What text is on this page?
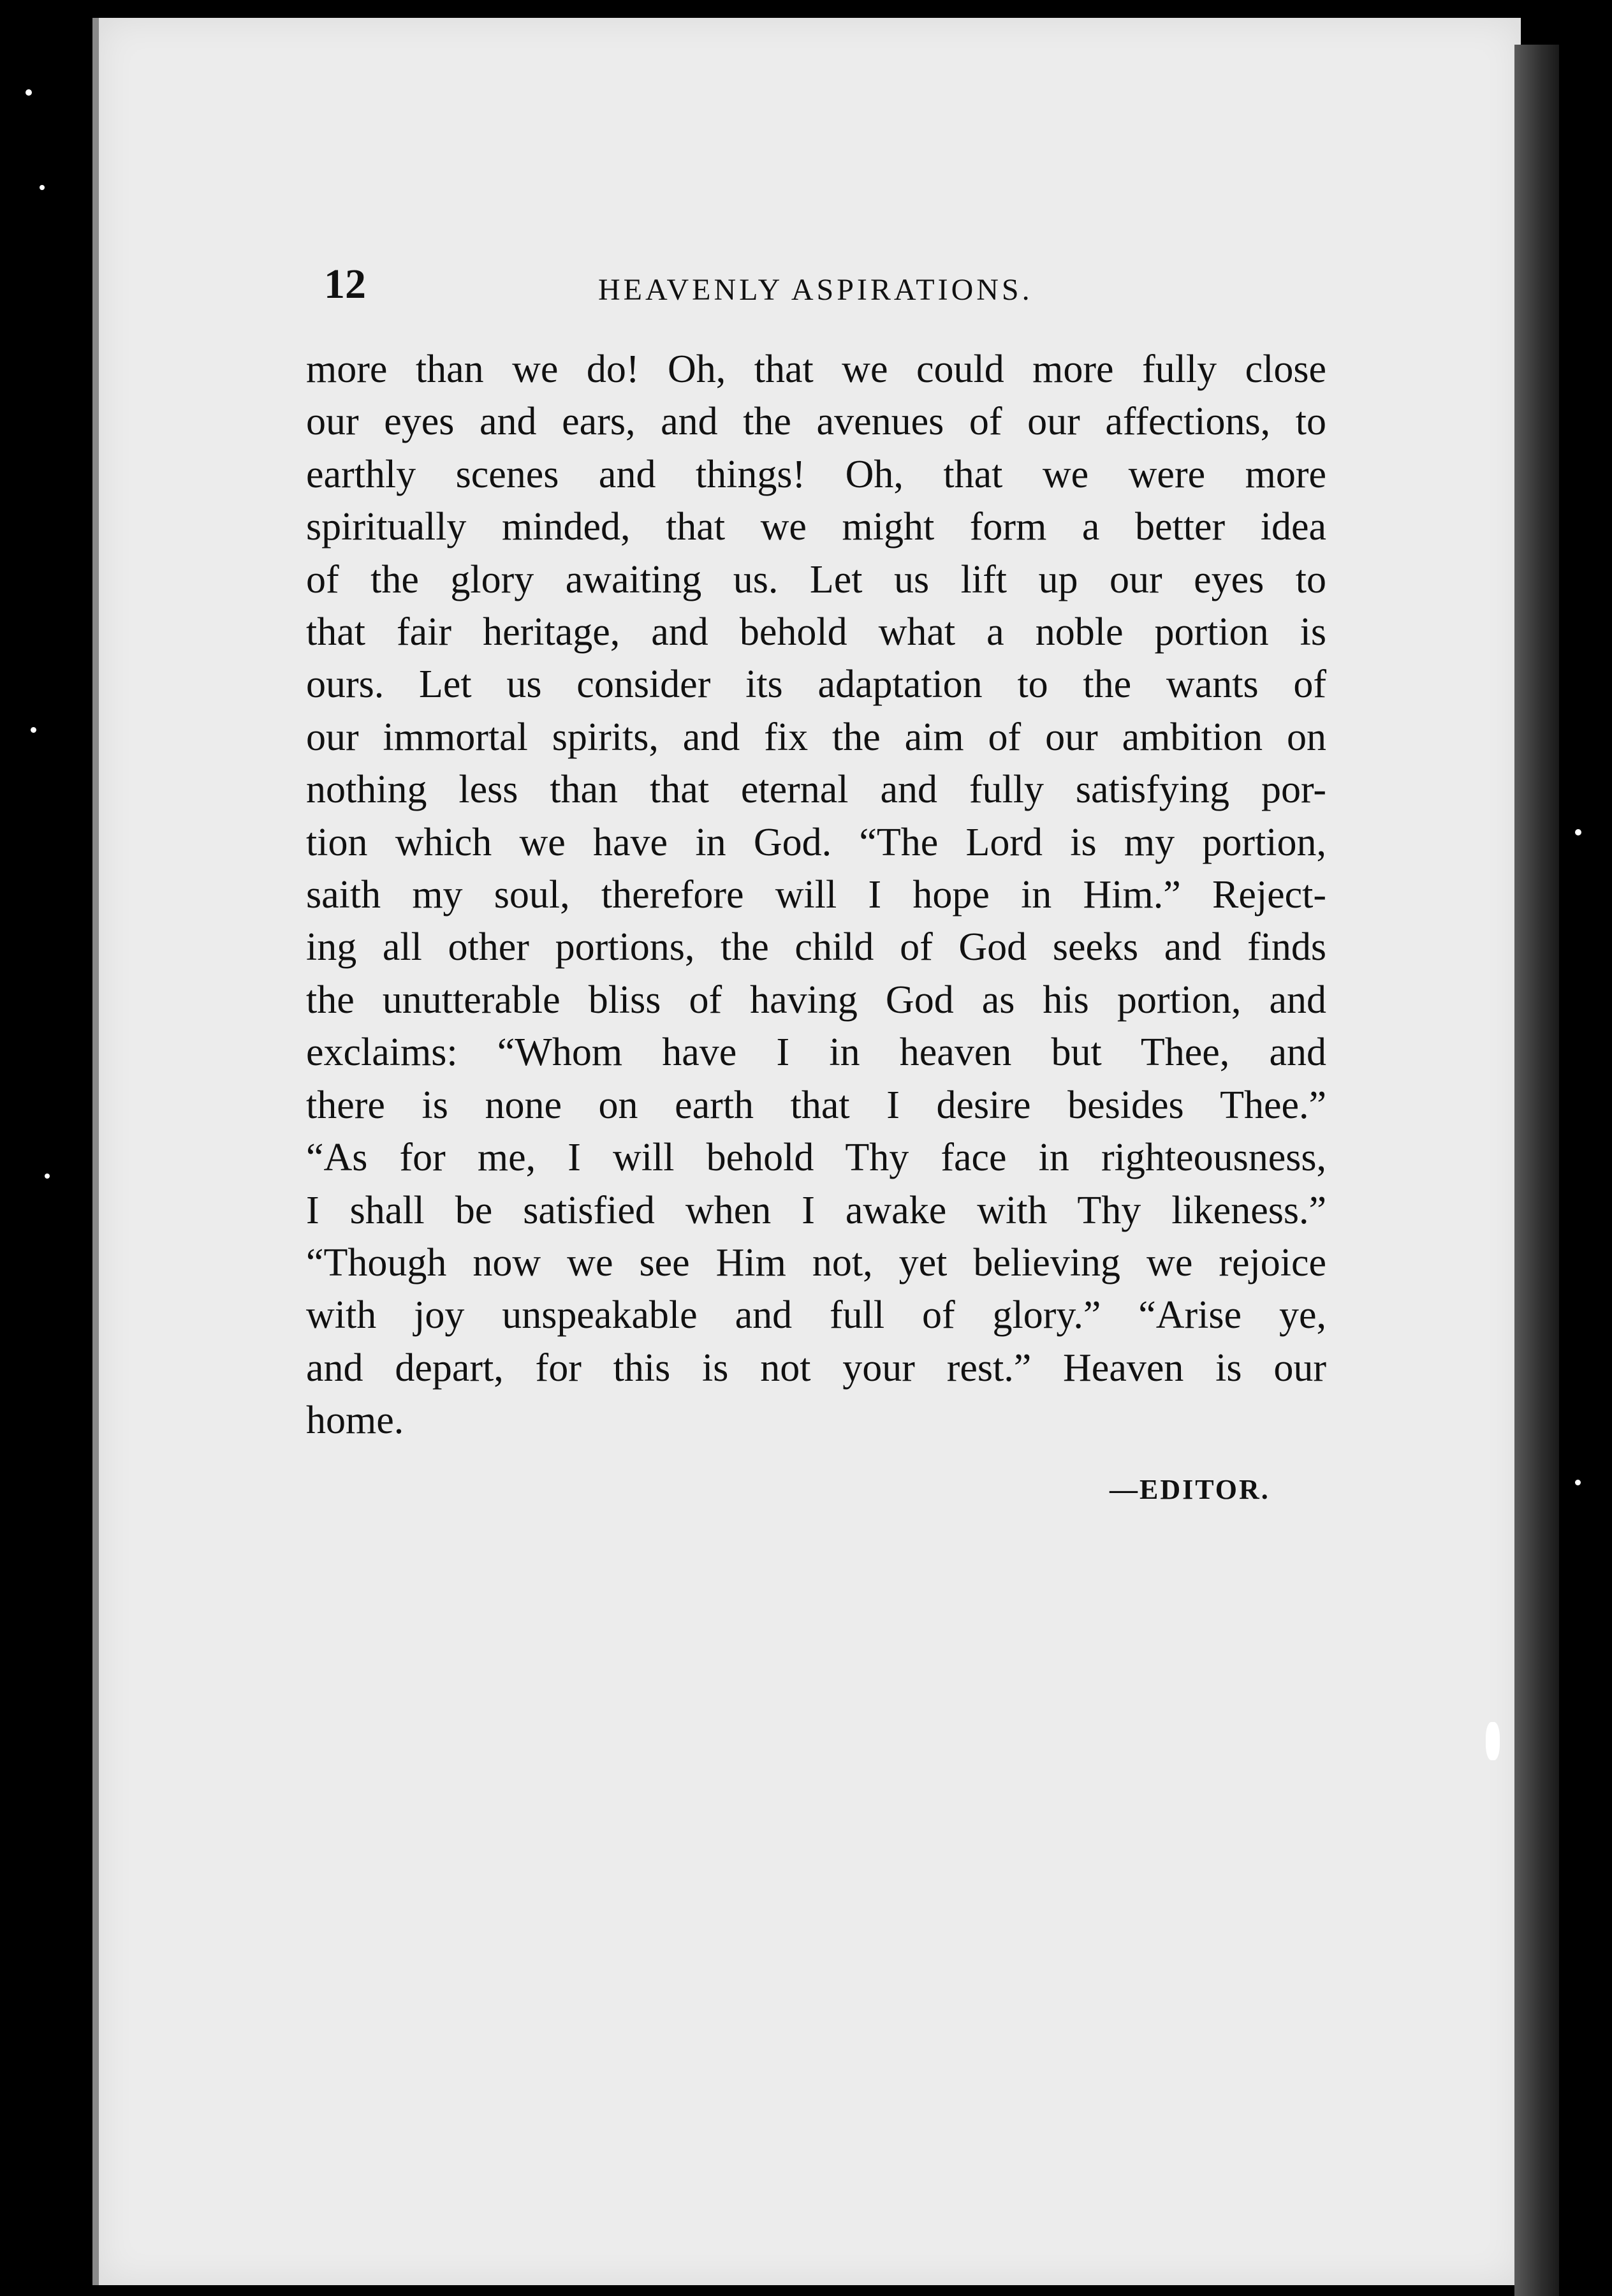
12	HEAVENLY ASPIRATIONS.
more than we do! Oh, that we could more fully close
our eyes and ears, and the avenues of our affections, to
earthly scenes and things! Oh, that we were more
spiritually minded, that we might form a better idea
of the glory awaiting us. Let us lift up our eyes to
that fair heritage, and behold what a noble portion is
ours. Let us consider its adaptation to the wants of
our immortal spirits, and fix the aim of our ambition on
nothing less than that eternal and fully satisfying por-
tion which we have in God. “The Lord is my portion,
saith my soul, therefore will I hope in Him.” Reject-
ing all other portions, the child of God seeks and finds
the unutterable bliss of having God as his portion, and
exclaims: “Whom have I in heaven but Thee, and
there is none on earth that I desire besides Thee.”
“As for me, I will behold Thy face in righteousness,
I shall be satisfied when I awake with Thy likeness.”
“Though now we see Him not, yet believing we rejoice
with joy unspeakable and full of glory.” “Arise ye,
and depart, for this is not your rest.” Heaven is our
home.
—EDITOR.
